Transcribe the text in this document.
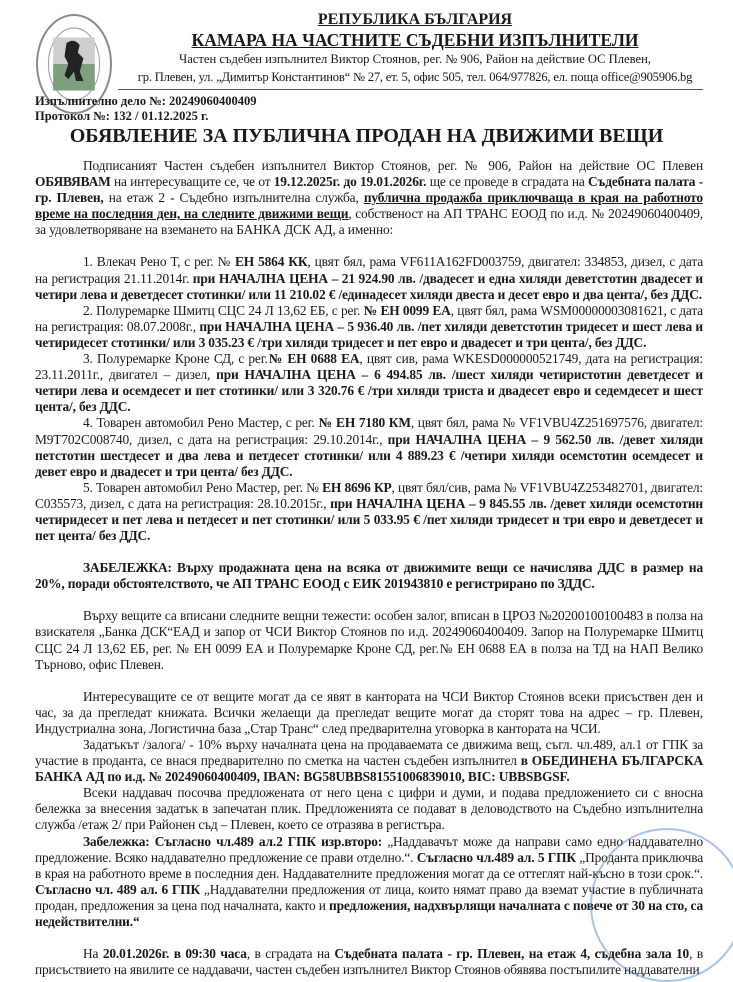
РЕПУБЛИКА БЪЛГАРИЯ
КАМАРА НА ЧАСТНИТЕ СЪДЕБНИ ИЗПЪЛНИТЕЛИ
Частен съдебен изпълнител Виктор Стоянов, рег. № 906, Район на действие ОС Плевен,
гр. Плевен, ул. „Димитър Константинов“ № 27, ет. 5, офис 505, тел. 064/977826, ел. поща office@905906.bg
Изпълнително дело №: 20249060400409
Протокол №: 132 / 01.12.2025 г.
ОБЯВЛЕНИЕ ЗА ПУБЛИЧНА ПРОДАН НА ДВИЖИМИ ВЕЩИ

Подписаният Частен съдебен изпълнител Виктор Стоянов, рег. № 906, Район на действие ОС Плевен ОБЯВЯВАМ на интересуващите се, че от 19.12.2025г. до 19.01.2026г. ще се проведе в сградата на Съдебната палата - гр. Плевен, на етаж 2 - Съдебно изпълнителна служба, публична продажба приключваща в края на работното време на последния ден, на следните движими вещи, собственост на АП ТРАНС ЕООД по и.д. № 20249060400409, за удовлетворяване на вземането на БАНКА ДСК АД, а именно:

1. Влекач Рено Т, с рег. № ЕН 5864 КК, цвят бял, рама VF611A162FD003759, двигател: 334853, дизел, с дата на регистрация 21.11.2014г. при НАЧАЛНА ЦЕНА – 21 924.90 лв. /двадесет и една хиляди деветстотин двадесет и четири лева и деветдесет стотинки/ или 11 210.02 € /единадесет хиляди двеста и десет евро и два цента/, без ДДС.

2. Полуремарке Шмитц СЦС 24 Л 13,62 ЕБ, с рег. № ЕН 0099 ЕА, цвят бял, рама WSM00000003081621, с дата на регистрация: 08.07.2008г., при НАЧАЛНА ЦЕНА – 5 936.40 лв. /пет хиляди деветстотин тридесет и шест лева и четиридесет стотинки/ или 3 035.23 € /три хиляди тридесет и пет евро и двадесет и три цента/, без ДДС.

3. Полуремарке Кроне СД, с рег.№ ЕН 0688 ЕА, цвят сив, рама WKESD000000521749, дата на регистрация: 23.11.2011г., двигател – дизел, при НАЧАЛНА ЦЕНА – 6 494.85 лв. /шест хиляди четиристотин деветдесет и четири лева и осемдесет и пет стотинки/ или 3 320.76 € /три хиляди триста и двадесет евро и седемдесет и шест цента/, без ДДС.

4. Товарен автомобил Рено Мастер, с рег. № ЕН 7180 КМ, цвят бял, рама № VF1VBU4Z251697576, двигател: M9T702C008740, дизел, с дата на регистрация: 29.10.2014г., при НАЧАЛНА ЦЕНА – 9 562.50 лв. /девет хиляди петстотин шестдесет и два лева и петдесет стотинки/ или 4 889.23 € /четири хиляди осемстотин осемдесет и девет евро и двадесет и три цента/ без ДДС.

5. Товарен автомобил Рено Мастер, рег. № ЕН 8696 КР, цвят бял/сив, рама № VF1VBU4Z253482701, двигател: C035573, дизел, с дата на регистрация: 28.10.2015г., при НАЧАЛНА ЦЕНА – 9 845.55 лв. /девет хиляди осемстотин четиридесет и пет лева и петдесет и пет стотинки/ или 5 033.95 € /пет хиляди тридесет и три евро и деветдесет и пет цента/ без ДДС.

ЗАБЕЛЕЖКА: Върху продажната цена на всяка от движимите вещи се начислява ДДС в размер на 20%, поради обстоятелството, че АП ТРАНС ЕООД с ЕИК 201943810 е регистрирано по ЗДДС.

Върху вещите са вписани следните вещни тежести: особен залог, вписан в ЦРОЗ №20200100100483 в полза на взискателя „Банка ДСК“ЕАД и запор от ЧСИ Виктор Стоянов по и.д. 20249060400409. Запор на Полуремарке Шмитц СЦС 24 Л 13,62 ЕБ, рег. № ЕН 0099 ЕА и Полуремарке Кроне СД, рег.№ ЕН 0688 ЕА в полза на ТД на НАП Велико Търново, офис Плевен.

Интересуващите се от вещите могат да се явят в кантората на ЧСИ Виктор Стоянов всеки присъствен ден и час, за да прегледат книжата. Всички желаещи да прегледат вещите могат да сторят това на адрес – гр. Плевен, Индустриална зона, Логистична база „Стар Транс“ след предварителна уговорка в кантората на ЧСИ.

Задатъкът /залога/ - 10% върху началната цена на продаваемата се движима вещ, съгл. чл.489, ал.1 от ГПК за участие в проданта, се внася предварително по сметка на частен съдебен изпълнител в ОБЕДИНЕНА БЪЛГАРСКА БАНКА АД по и.д. № 20249060400409, IBAN: BG58UBBS81551006839010, BIC: UBBSBGSF.

Всеки наддавач посочва предложената от него цена с цифри и думи, и подава предложението си с вносна бележка за внесения задатък в запечатан плик. Предложенията се подават в деловодството на Съдебно изпълнителна служба /етаж 2/ при Районен съд – Плевен, което се отразява в регистъра.

Забележка: Съгласно чл.489 ал.2 ГПК изр.второ: „Наддавачът може да направи само едно наддавателно предложение. Всяко наддавателно предложение се прави отделно.“. Съгласно чл.489 ал. 5 ГПК „Проданта приключва в края на работното време в последния ден. Наддавателните предложения могат да се оттеглят най-късно в този срок.“. Съгласно чл. 489 ал. 6 ГПК „Наддавателни предложения от лица, които нямат право да вземат участие в публичната продан, предложения за цена под началната, както и предложения, надхвърлящи началната с повече от 30 на сто, са недействителни.“

На 20.01.2026г. в 09:30 часа, в сградата на Съдебната палата - гр. Плевен, на етаж 4, съдебна зала 10, в присъствието на явилите се наддавачи, частен съдебен изпълнител Виктор Стоянов обявява постъпилите наддавателни
